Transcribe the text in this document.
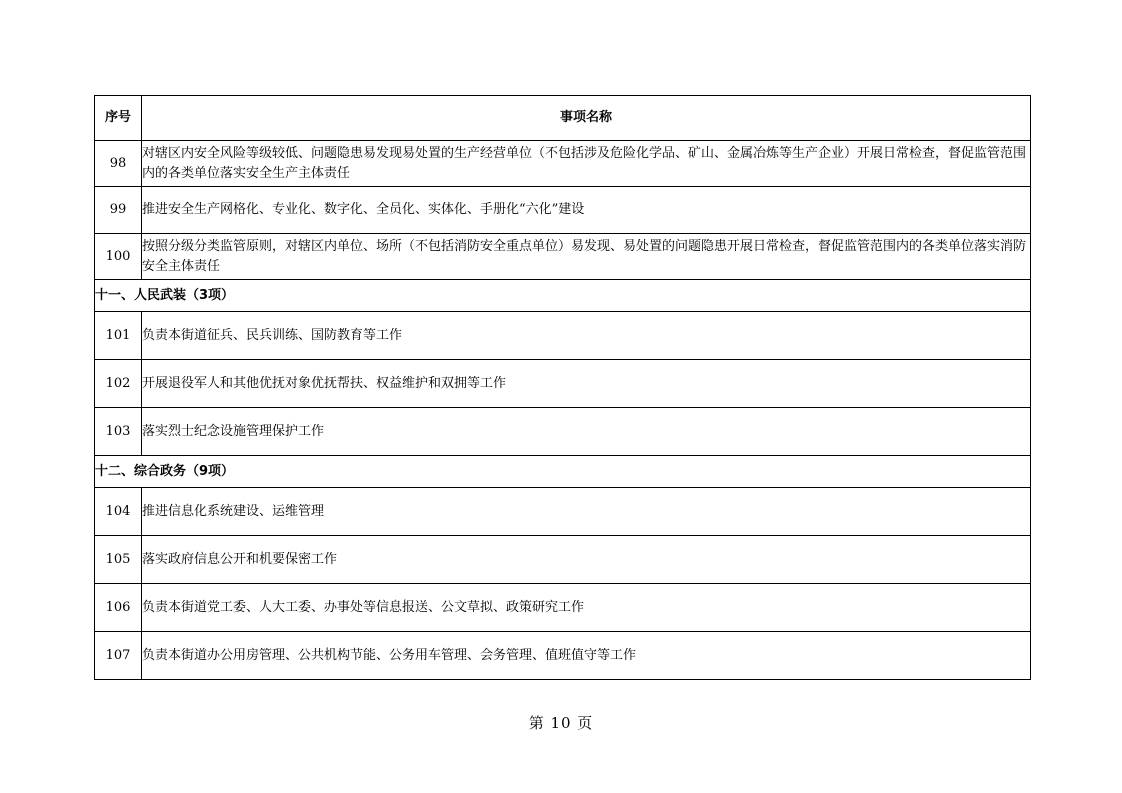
序号	事项名称
98	对辖区内安全风险等级较低、问题隐患易发现易处置的生产经营单位（不包括涉及危险化学品、矿山、金属冶炼等生产企业）开展日常检查，督促监管范围内的各类单位落实安全生产主体责任
99	推进安全生产网格化、专业化、数字化、全员化、实体化、手册化“六化”建设
100	按照分级分类监管原则，对辖区内单位、场所（不包括消防安全重点单位）易发现、易处置的问题隐患开展日常检查，督促监管范围内的各类单位落实消防安全主体责任
十一、人民武装（3项）	
101	负责本街道征兵、民兵训练、国防教育等工作
102	开展退役军人和其他优抚对象优抚帮扶、权益维护和双拥等工作
103	落实烈士纪念设施管理保护工作
十二、综合政务（9项）	
104	推进信息化系统建设、运维管理
105	落实政府信息公开和机要保密工作
106	负责本街道党工委、人大工委、办事处等信息报送、公文草拟、政策研究工作
107	负责本街道办公用房管理、公共机构节能、公务用车管理、会务管理、值班值守等工作
第 10 页
